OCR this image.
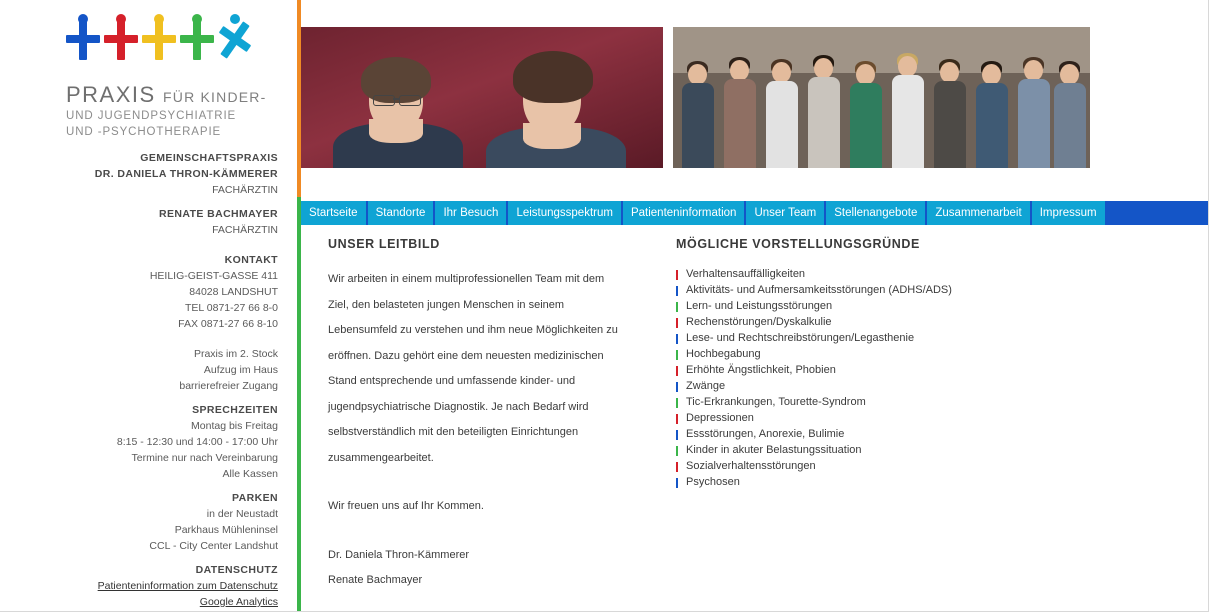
PRAXIS FÜR KINDER-
UND JUGENDPSYCHIATRIE
UND -PSYCHOTHERAPIE
GEMEINSCHAFTSPRAXIS
DR. DANIELA THRON-KÄMMERER
FACHÄRZTIN
RENATE BACHMAYER
FACHÄRZTIN
KONTAKT
HEILIG-GEIST-GASSE 411
84028 LANDSHUT
TEL 0871-27 66 8-0
FAX 0871-27 66 8-10
Praxis im 2. Stock
Aufzug im Haus
barrierefreier Zugang
SPRECHZEITEN
Montag bis Freitag
8:15 - 12:30 und 14:00 - 17:00 Uhr
Termine nur nach Vereinbarung
Alle Kassen
PARKEN
in der Neustadt
Parkhaus Mühleninsel
CCL - City Center Landshut
DATENSCHUTZ
Patienteninformation zum Datenschutz
Google Analytics
Startseite	Standorte	Ihr Besuch	Leistungsspektrum	Patienteninformation	Unser Team	Stellenangebote	Zusammenarbeit	Impressum
UNSER LEITBILD
Wir arbeiten in einem multiprofessionellen Team mit dem
Ziel, den belasteten jungen Menschen in seinem
Lebensumfeld zu verstehen und ihm neue Möglichkeiten zu
eröffnen. Dazu gehört eine dem neuesten medizinischen
Stand entsprechende und umfassende kinder- und
jugendpsychiatrische Diagnostik. Je nach Bedarf wird
selbstverständlich mit den beteiligten Einrichtungen
zusammengearbeitet.
Wir freuen uns auf Ihr Kommen.
Dr. Daniela Thron-Kämmerer
Renate Bachmayer
MÖGLICHE VORSTELLUNGSGRÜNDE
Verhaltensauffälligkeiten
Aktivitäts- und Aufmersamkeitsstörungen (ADHS/ADS)
Lern- und Leistungsstörungen
Rechenstörungen/Dyskalkulie
Lese- und Rechtschreibstörungen/Legasthenie
Hochbegabung
Erhöhte Ängstlichkeit, Phobien
Zwänge
Tic-Erkrankungen, Tourette-Syndrom
Depressionen
Essstörungen, Anorexie, Bulimie
Kinder in akuter Belastungssituation
Sozialverhaltensstörungen
Psychosen
